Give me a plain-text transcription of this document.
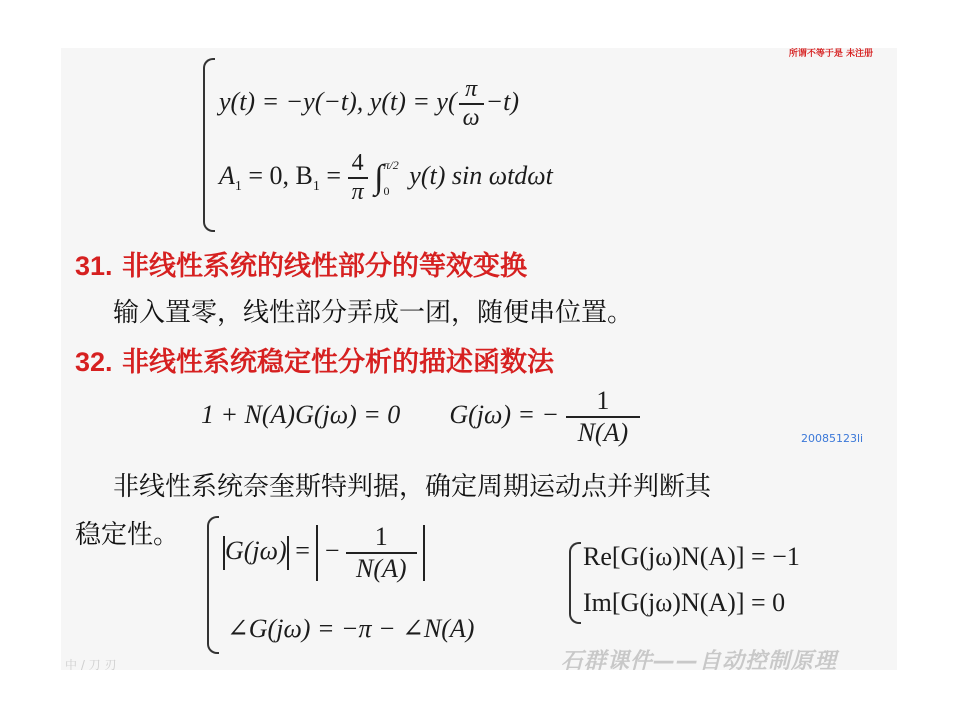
所谓不等于是 未注册
y(t) = −y(−t), $y(t) = y( \frac{\pi}{\omega} -t)$
$A_1 = 0$, $B_1 = \frac{4}{\pi}$ ∫ π/2
0
y(t) sin ωtdωt
31. 非线性系统的线性部分的等效变换
输入置零，线性部分弄成一团，随便串位置。
32. 非线性系统稳定性分析的描述函数法
1 + N(A)G(jω) = 0 G(jω) = − $\frac{1}{N(A)}$	20085123li
非线性系统奈奎斯特判据，确定周期运动点并判断其
稳定性。
G(jω) = − $\frac{1}{N(A)}$

∠G(jω) = −π − ∠N(A)
Re[G(jω)N(A)] = −1
Im[G(jω)N(A)] = 0
中 / 刀 刃	石群课件——自动控制原理
